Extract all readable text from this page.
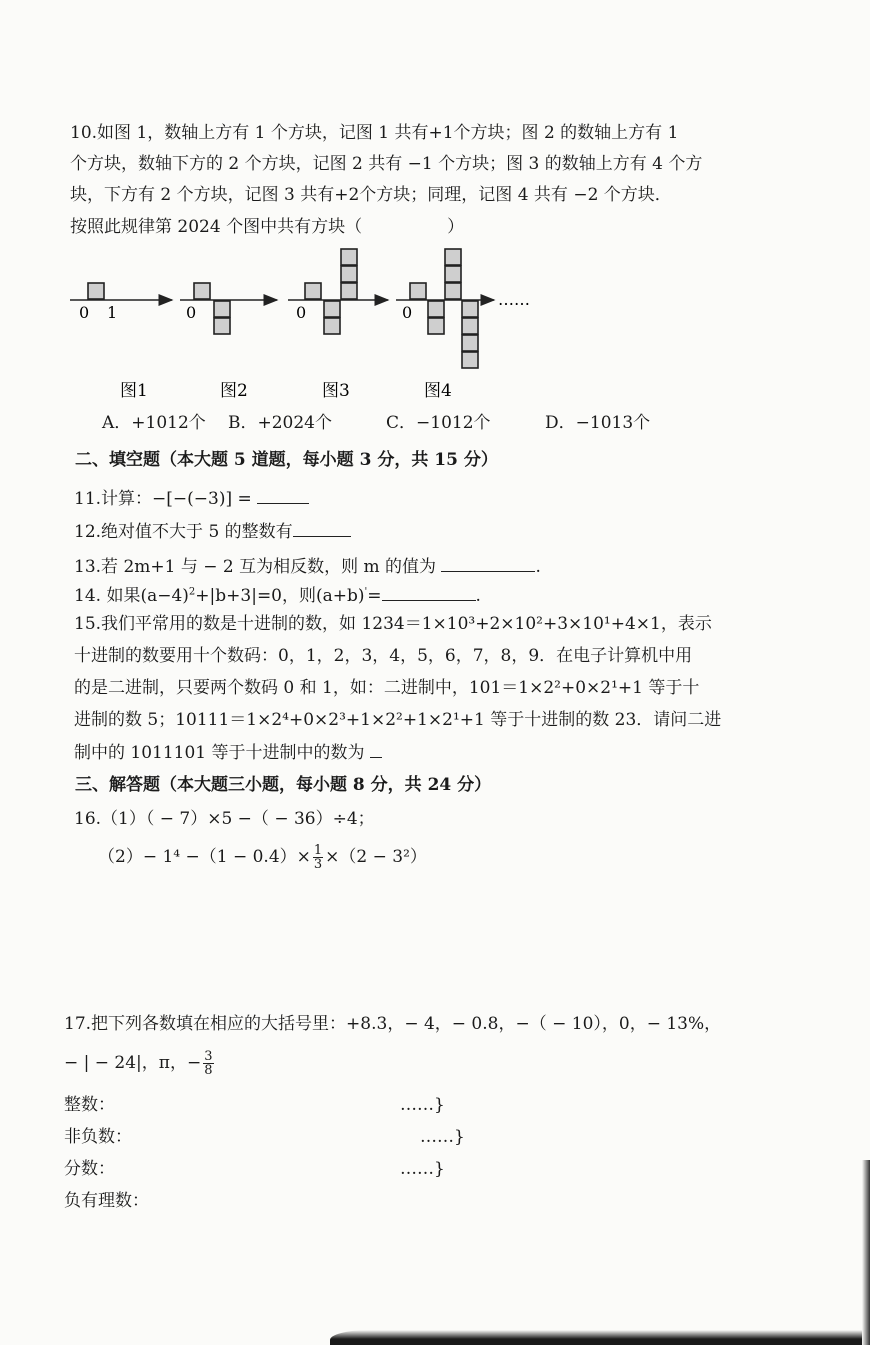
10.如图 1，数轴上方有 1 个方块，记图 1 共有+1个方块；图 2 的数轴上方有 1
个方块，数轴下方的 2 个方块，记图 2 共有 −1 个方块；图 3 的数轴上方有 4 个方
块，下方有 2 个方块，记图 3 共有+2个方块；同理，记图 4 共有 −2 个方块．
按照此规律第 2024 个图中共有方块（　　　　　）
0 1	0	0	0
……
图1	图2	图3	图4
A．+1012个 B．+2024个	C．−1012个	D．−1013个
二、填空题（本大题 5 道题，每小题 3 分，共 15 分）
11.计算：−[−(−3)] =
12.绝对值不大于 5 的整数有
13.若 2m+1 与 − 2 互为相反数，则 m 的值为	.
14. 如果$(a-4)^2+|b+3|=0$，则(a+b)'=	.
15.我们平常用的数是十进制的数，如 1234＝1×10³+2×10²+3×10¹+4×1，表示
十进制的数要用十个数码：0，1，2，3，4，5，6，7，8，9．在电子计算机中用
的是二进制，只要两个数码 0 和 1，如：二进制中，101＝1×2²+0×2¹+1 等于十
进制的数 5；10111＝1×2⁴+0×2³+1×2²+1×2¹+1 等于十进制的数 23．请问二进
制中的 1011101 等于十进制中的数为
三、解答题（本大题三小题，每小题 8 分，共 24 分）
16.（1）（ − 7）×5 −（ − 36）÷4；
$(2)- 1^4 -(1 - 0.4)\times \frac{1}{3} \times(2 - 3^2)$
17.把下列各数填在相应的大括号里：+8.3，− 4，− 0.8，−（ − 10），0，− 13%，
− | − 24|，π，− $\frac{3}{8}$
整数：	……}
非负数：	……}
分数：	……}
负有理数：
